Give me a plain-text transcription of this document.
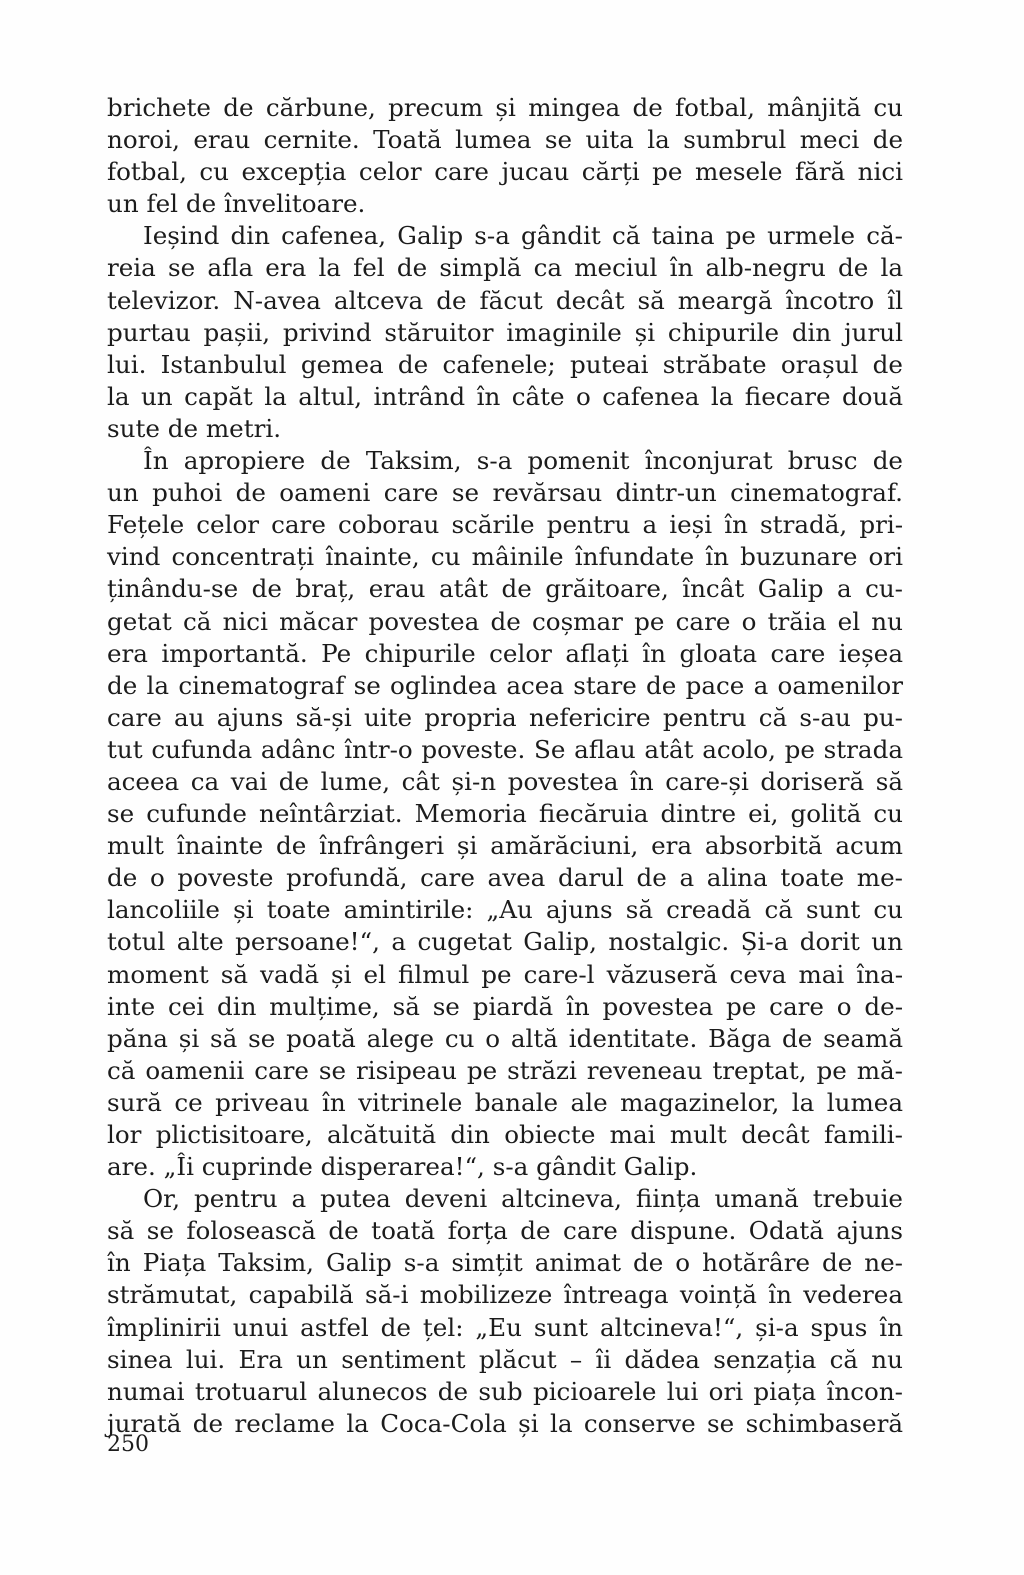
brichete de cărbune, precum și mingea de fotbal, mânjită cu
noroi, erau cernite. Toată lumea se uita la sumbrul meci de
fotbal, cu excepția celor care jucau cărți pe mesele fără nici
un fel de învelitoare.
Ieșind din cafenea, Galip s-a gândit că taina pe urmele că-
reia se afla era la fel de simplă ca meciul în alb-negru de la
televizor. N-avea altceva de făcut decât să meargă încotro îl
purtau pașii, privind stăruitor imaginile și chipurile din jurul
lui. Istanbulul gemea de cafenele; puteai străbate orașul de
la un capăt la altul, intrând în câte o cafenea la fiecare două
sute de metri.
În apropiere de Taksim, s-a pomenit înconjurat brusc de
un puhoi de oameni care se revărsau dintr-un cinematograf.
Fețele celor care coborau scările pentru a ieși în stradă, pri-
vind concentrați înainte, cu mâinile înfundate în buzunare ori
ținându-se de braț, erau atât de grăitoare, încât Galip a cu-
getat că nici măcar povestea de coșmar pe care o trăia el nu
era importantă. Pe chipurile celor aflați în gloata care ieșea
de la cinematograf se oglindea acea stare de pace a oamenilor
care au ajuns să-și uite propria nefericire pentru că s-au pu-
tut cufunda adânc într-o poveste. Se aflau atât acolo, pe strada
aceea ca vai de lume, cât și-n povestea în care-și doriseră să
se cufunde neîntârziat. Memoria fiecăruia dintre ei, golită cu
mult înainte de înfrângeri și amărăciuni, era absorbită acum
de o poveste profundă, care avea darul de a alina toate me-
lancoliile și toate amintirile: „Au ajuns să creadă că sunt cu
totul alte persoane!“, a cugetat Galip, nostalgic. Și-a dorit un
moment să vadă și el filmul pe care-l văzuseră ceva mai îna-
inte cei din mulțime, să se piardă în povestea pe care o de-
păna și să se poată alege cu o altă identitate. Băga de seamă
că oamenii care se risipeau pe străzi reveneau treptat, pe mă-
sură ce priveau în vitrinele banale ale magazinelor, la lumea
lor plictisitoare, alcătuită din obiecte mai mult decât famili-
are. „Îi cuprinde disperarea!“, s-a gândit Galip.
Or, pentru a putea deveni altcineva, ființa umană trebuie
să se folosească de toată forța de care dispune. Odată ajuns
în Piața Taksim, Galip s-a simțit animat de o hotărâre de ne-
strămutat, capabilă să-i mobilizeze întreaga voință în vederea
împlinirii unui astfel de țel: „Eu sunt altcineva!“, și-a spus în
sinea lui. Era un sentiment plăcut – îi dădea senzația că nu
numai trotuarul alunecos de sub picioarele lui ori piața încon-
jurată de reclame la Coca-Cola și la conserve se schimbaseră
250
